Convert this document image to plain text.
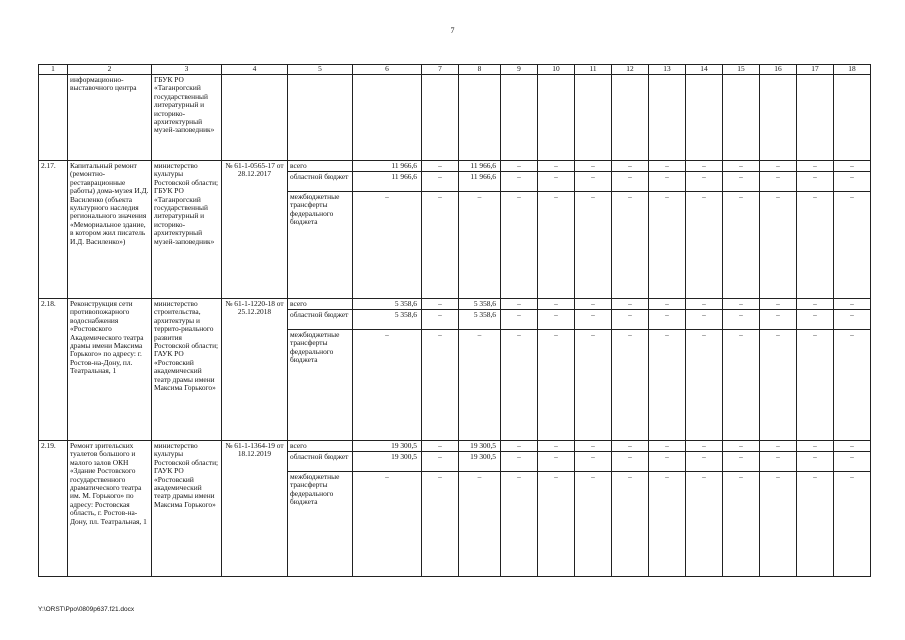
7
1	2	3	4	5	6	7	8	9	10	11	12	13	14	15	16	17	18
	информационно-выставочного центра	ГБУК РО «Таганрогский государственный литературный и историко-архитектурный музей-заповедник»															
2.17.	Капитальный ремонт (ремонтно-реставрационные работы) дома-музея И.Д. Василенко (объекта культурного наследия регионального значения «Мемориальное здание, в котором жил писатель И.Д. Василенко»)	министерство культуры Ростовской области; ГБУК РО «Таганрогский государственный литературный и историко-архитектурный музей-заповедник»	№ 61-1-0565-17 от 28.12.2017	всего	11 966,6	–	11 966,6	–	–	–	–	–	–	–	–	–	–
				областной бюджет	11 966,6	–	11 966,6	–	–	–	–	–	–	–	–	–	–
				межбюджетные трансферты федерального бюджета	–	–	–	–	–	–	–	–	–	–	–	–	–
2.18.	Реконструкция сети противопожарного водоснабжения «Ростовского Академического театра драмы имени Максима Горького» по адресу: г. Ростов-на-Дону, пл. Театральная, 1	министерство строительства, архитектуры и террито-риального развития Ростовской области; ГАУК РО «Ростовский академический театр драмы имени Максима Горького»	№ 61-1-1220-18 от 25.12.2018	всего	5 358,6	–	5 358,6	–	–	–	–	–	–	–	–	–	–
				областной бюджет	5 358,6	–	5 358,6	–	–	–	–	–	–	–	–	–	–
				межбюджетные трансферты федерального бюджета	–	–	–	–	–	–	–	–	–	–	–	–	–
2.19.	Ремонт зрительских туалетов большого и малого залов ОКН «Здание Ростовского государственного драматического театра им. М. Горького» по адресу: Ростовская область, г. Ростов-на-Дону, пл. Театральная, 1	министерство культуры Ростовской области; ГАУК РО «Ростовский академический театр драмы имени Максима Горького»	№ 61-1-1364-19 от 18.12.2019	всего	19 300,5	–	19 300,5	–	–	–	–	–	–	–	–	–	–
				областной бюджет	19 300,5	–	19 300,5	–	–	–	–	–	–	–	–	–	–
				межбюджетные трансферты федерального бюджета	–	–	–	–	–	–	–	–	–	–	–	–	–
Y:\ORST\Ppo\0809p637.f21.docx
